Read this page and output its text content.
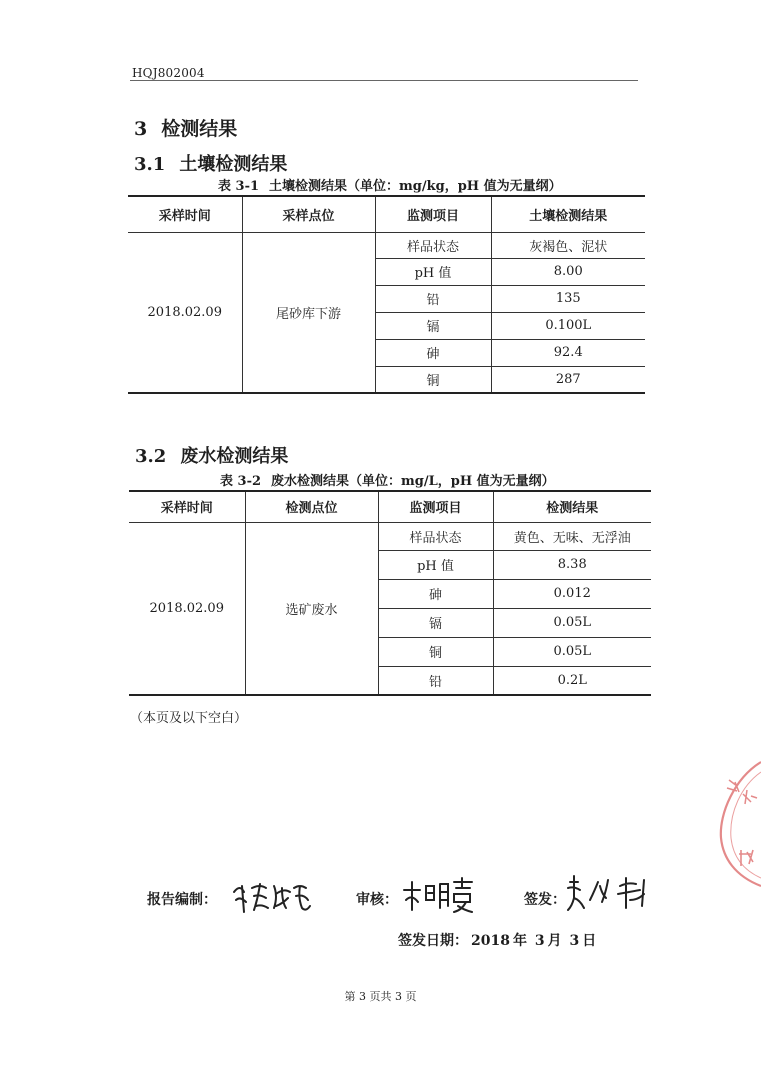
HQJ802004
3 检测结果
3.1 土壤检测结果
表 3-1 土壤检测结果（单位：mg/kg，pH 值为无量纲）
采样时间	采样点位	监测项目	土壤检测结果
2018.02.09	尾砂库下游	样品状态	灰褐色、泥状
		pH 值	8.00
		铅	135
		镉	0.100L
		砷	92.4
		铜	287
3.2 废水检测结果
表 3-2 废水检测结果（单位：mg/L，pH 值为无量纲）
采样时间	检测点位	监测项目	检测结果
2018.02.09	选矿废水	样品状态	黄色、无味、无浮油
		pH 值	8.38
		砷	0.012
		镉	0.05L
		铜	0.05L
		铅	0.2L
（本页及以下空白）
报告编制：	审核：	签发：
签发日期： 2018 年 3 月 3 日
第 3 页共 3 页
